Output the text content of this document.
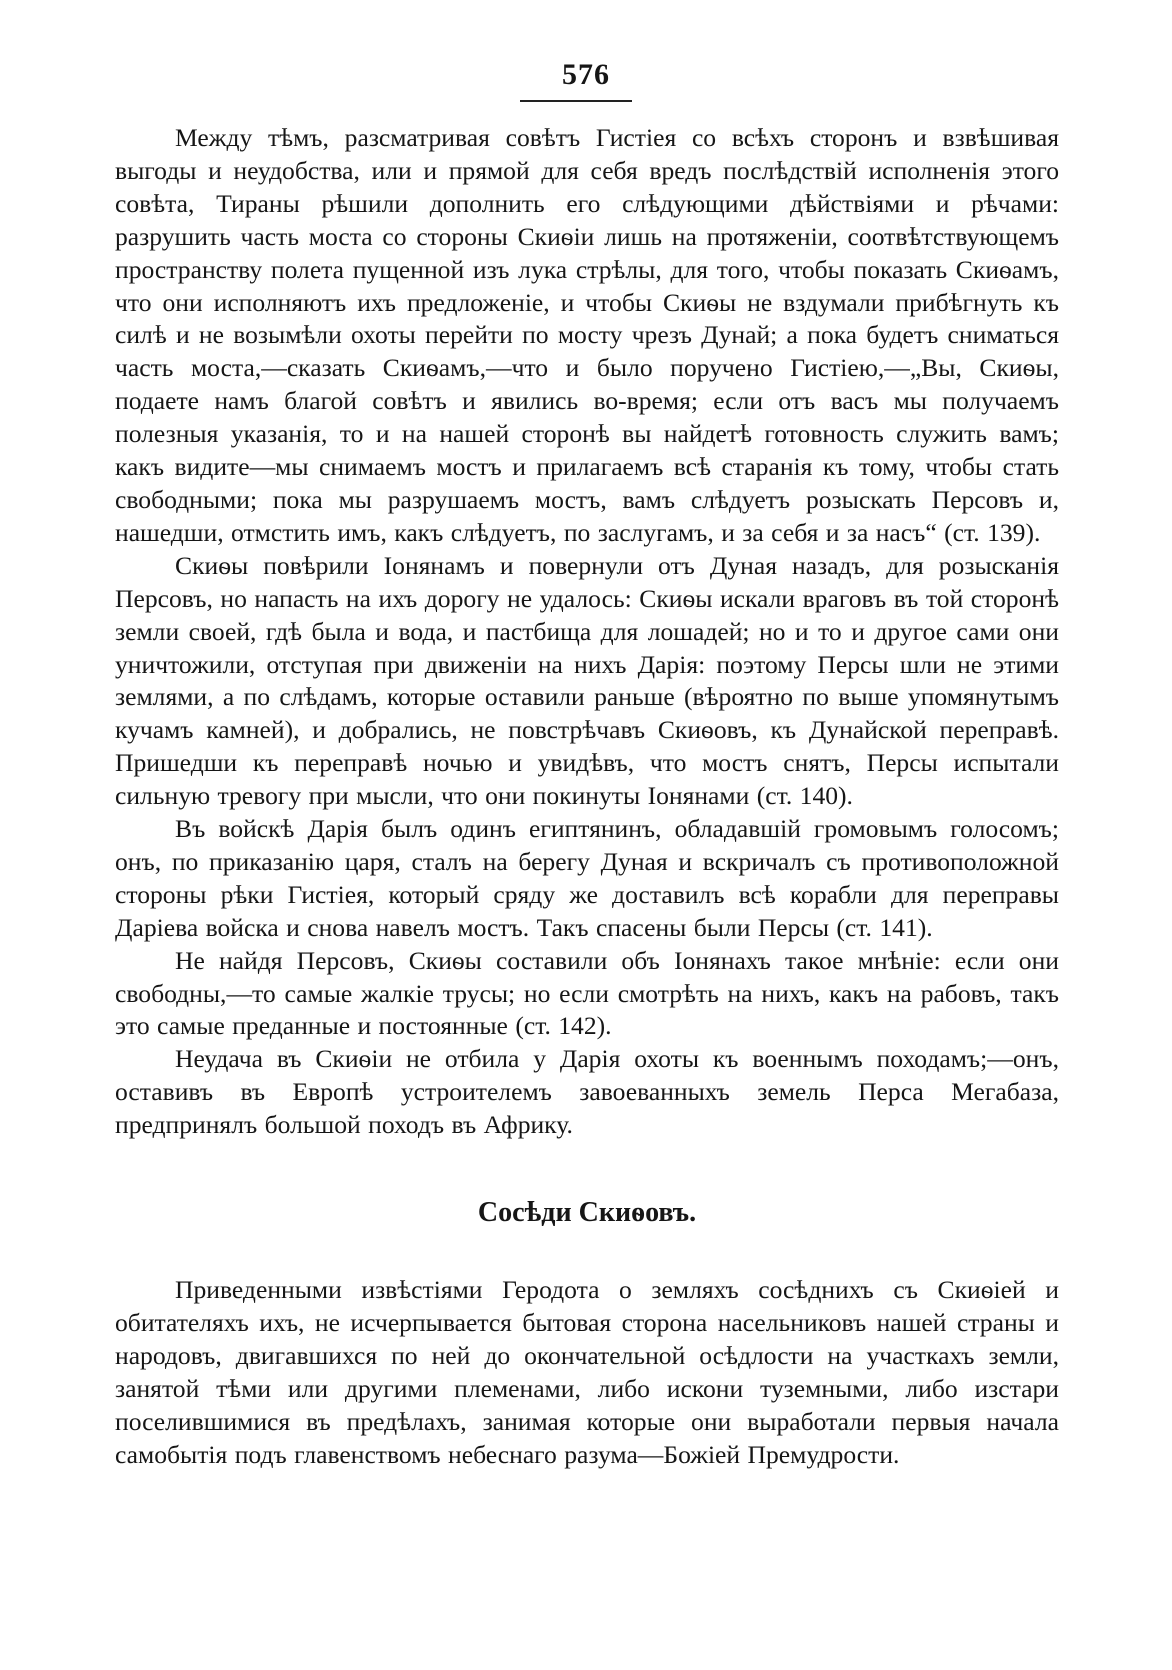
576

Между тѣмъ, разсматривая совѣтъ Гистіея со всѣхъ сторонъ и взвѣшивая выгоды и неудобства, или и прямой для себя вредъ послѣдствій исполненія этого совѣта, Тираны рѣшили дополнить его слѣдующими дѣйствіями и рѣчами: разрушить часть моста со стороны Скиѳіи лишь на протяженіи, соотвѣтствующемъ пространству полета пущенной изъ лука стрѣлы, для того, чтобы показать Скиѳамъ, что они исполняютъ ихъ предложеніе, и чтобы Скиѳы не вздумали прибѣгнуть къ силѣ и не возымѣли охоты перейти по мосту чрезъ Дунай; а пока будетъ сниматься часть моста,—сказать Скиѳамъ,—что и было поручено Гистіею,—„Вы, Скиѳы, подаете намъ благой совѣтъ и явились во-время; если отъ васъ мы получаемъ полезныя указанія, то и на нашей сторонѣ вы найдетѣ готовность служить вамъ; какъ видите—мы снимаемъ мостъ и прилагаемъ всѣ старанія къ тому, чтобы стать свободными; пока мы разрушаемъ мостъ, вамъ слѣдуетъ розыскать Персовъ и, нашедши, отмстить имъ, какъ слѣдуетъ, по заслугамъ, и за себя и за насъ“ (ст. 139).

Скиѳы повѣрили Іонянамъ и повернули отъ Дуная назадъ, для розысканія Персовъ, но напасть на ихъ дорогу не удалось: Скиѳы искали враговъ въ той сторонѣ земли своей, гдѣ была и вода, и пастбища для лошадей; но и то и другое сами они уничтожили, отступая при движеніи на нихъ Дарія: поэтому Персы шли не этими землями, а по слѣдамъ, которые оставили раньше (вѣроятно по выше упомянутымъ кучамъ камней), и добрались, не повстрѣчавъ Скиѳовъ, къ Дунайской переправѣ. Пришедши къ переправѣ ночью и увидѣвъ, что мостъ снятъ, Персы испытали сильную тревогу при мысли, что они покинуты Іонянами (ст. 140).

Въ войскѣ Дарія былъ одинъ египтянинъ, обладавшій громовымъ голосомъ; онъ, по приказанію царя, сталъ на берегу Дуная и вскричалъ съ противоположной стороны рѣки Гистіея, который сряду же доставилъ всѣ корабли для переправы Даріева войска и снова навелъ мостъ. Такъ спасены были Персы (ст. 141).

Не найдя Персовъ, Скиѳы составили объ Іонянахъ такое мнѣніе: если они свободны,—то самые жалкіе трусы; но если смотрѣть на нихъ, какъ на рабовъ, такъ это самые преданные и постоянные (ст. 142).

Неудача въ Скиѳіи не отбила у Дарія охоты къ военнымъ походамъ;—онъ, оставивъ въ Европѣ устроителемъ завоеванныхъ земель Перса Мегабаза, предпринялъ большой походъ въ Африку.

Сосѣди Скиѳовъ.

Приведенными извѣстіями Геродота о земляхъ сосѣднихъ съ Скиѳіей и обитателяхъ ихъ, не исчерпывается бытовая сторона насельниковъ нашей страны и народовъ, двигавшихся по ней до окончательной осѣдлости на участкахъ земли, занятой тѣми или другими племенами, либо искони туземными, либо изстари поселившимися въ предѣлахъ, занимая которые они выработали первыя начала самобытія подъ главенствомъ небеснаго разума—Божіей Премудрости.
